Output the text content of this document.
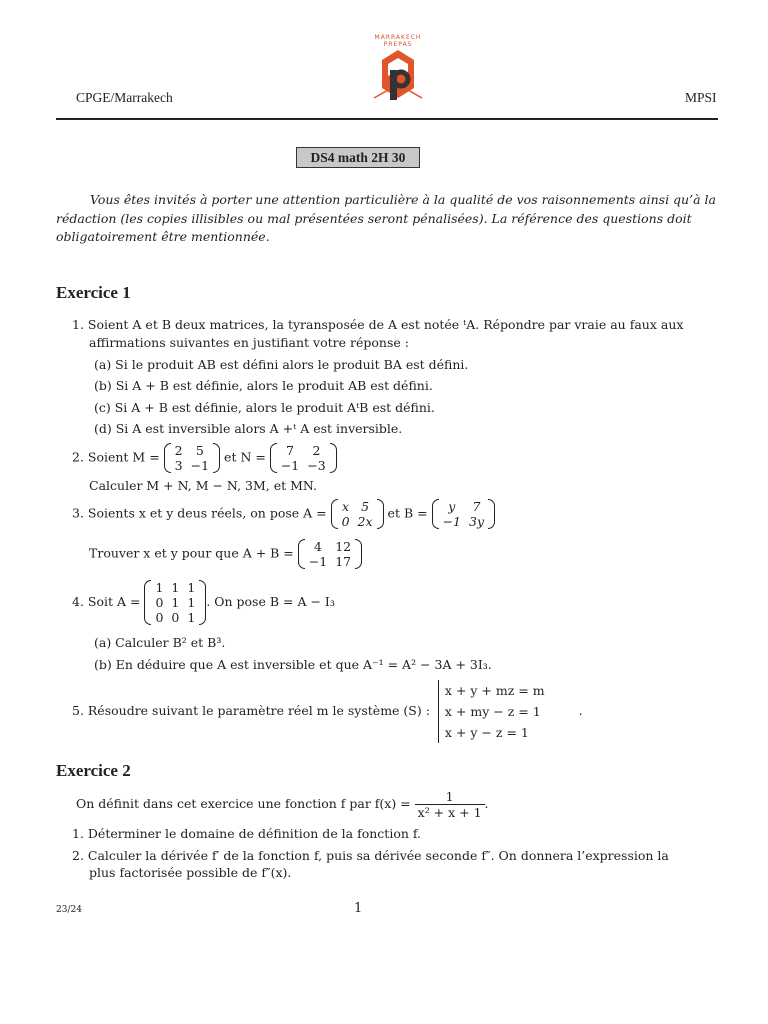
MARRAKECH
PREPAS
CPGE/Marrakech	MPSI
DS4 math 2H 30
Vous êtes invités à porter une attention particulière à la qualité de vos raisonnements ainsi qu’à la rédaction (les copies illisibles ou mal présentées seront pénalisées). La référence des questions doit obligatoirement être mentionnée.
Exercice 1
1. Soient A et B deux matrices, la tyransposée de A est notée ᵗA. Répondre par vraie au faux aux
affirmations suivantes en justifiant votre réponse :
(a) Si le produit AB est défini alors le produit BA est défini.
(b) Si A + B est définie, alors le produit AB est défini.
(c) Si A + B est définie, alors le produit AᵗB est défini.
(d) Si A est inversible alors A +ᵗ A est inversible.
2. Soient M = 2	5
3	−1
et N = 7	2
−1	−3
Calculer M + N, M − N, 3M, et MN.
3. Soients x et y deus réels, on pose A = x	5
0	2x
et B = y	7
−1	3y
Trouver x et y pour que A + B = 4	12
−1	17
4. Soit A =
1	1	1
0	1	1
0	0	1
. On pose B = A − I₃
(a) Calculer B² et B³.
(b) En déduire que A est inversible et que A⁻¹ = A² − 3A + 3I₃.
5. Résoudre suivant le paramètre réel m le système (S) :
x + y + mz = m
x + my − z = 1
x + y − z = 1
.
Exercice 2
On définit dans cet exercice une fonction f par $f(x) = \frac{1}{\text{x² + x + 1}}$ .
1. Déterminer le domaine de définition de la fonction f.
2. Calculer la dérivée f′ de la fonction f, puis sa dérivée seconde f″. On donnera l’expression la
plus factorisée possible de f″(x).
23/24	1
